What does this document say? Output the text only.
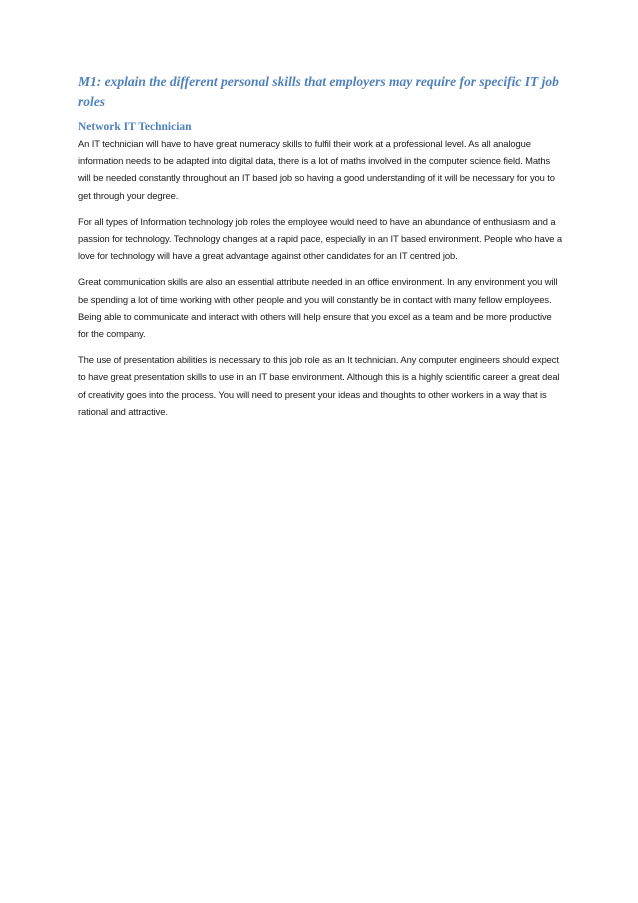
M1: explain the different personal skills that employers may require for specific IT job roles
Network IT Technician

An IT technician will have to have great numeracy skills to fulfil their work at a professional level. As all analogue information needs to be adapted into digital data, there is a lot of maths involved in the computer science field. Maths will be needed constantly throughout an IT based job so having a good understanding of it will be necessary for you to get through your degree.

For all types of Information technology job roles the employee would need to have an abundance of enthusiasm and a passion for technology. Technology changes at a rapid pace, especially in an IT based environment. People who have a love for technology will have a great advantage against other candidates for an IT centred job.

Great communication skills are also an essential attribute needed in an office environment. In any environment you will be spending a lot of time working with other people and you will constantly be in contact with many fellow employees. Being able to communicate and interact with others will help ensure that you excel as a team and be more productive for the company.

The use of presentation abilities is necessary to this job role as an It technician. Any computer engineers should expect to have great presentation skills to use in an IT base environment. Although this is a highly scientific career a great deal of creativity goes into the process. You will need to present your ideas and thoughts to other workers in a way that is rational and attractive.
